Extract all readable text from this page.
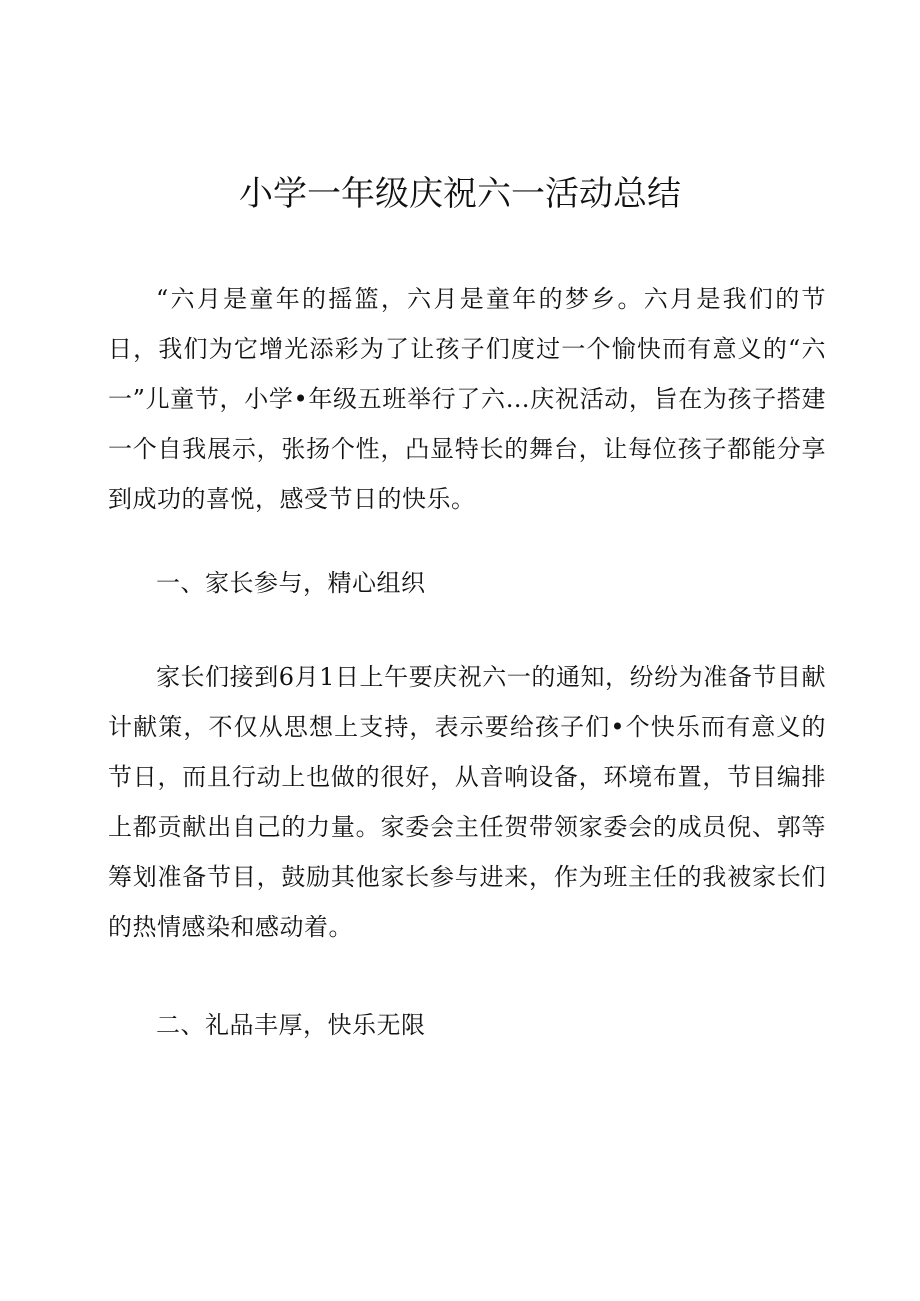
小学一年级庆祝六一活动总结

“六月是童年的摇篮，六月是童年的梦乡。六月是我们的节日，我们为它增光添彩为了让孩子们度过一个愉快而有意义的“六一”儿童节，小学•年级五班举行了六…庆祝活动，旨在为孩子搭建一个自我展示，张扬个性，凸显特长的舞台，让每位孩子都能分享到成功的喜悦，感受节日的快乐。

一、家长参与，精心组织

家长们接到6月1日上午要庆祝六一的通知，纷纷为准备节目献计献策，不仅从思想上支持，表示要给孩子们•个快乐而有意义的节日，而且行动上也做的很好，从音响设备，环境布置，节目编排上都贡献出自己的力量。家委会主任贺带领家委会的成员倪、郭等筹划准备节目，鼓励其他家长参与进来，作为班主任的我被家长们的热情感染和感动着。

二、礼品丰厚，快乐无限
